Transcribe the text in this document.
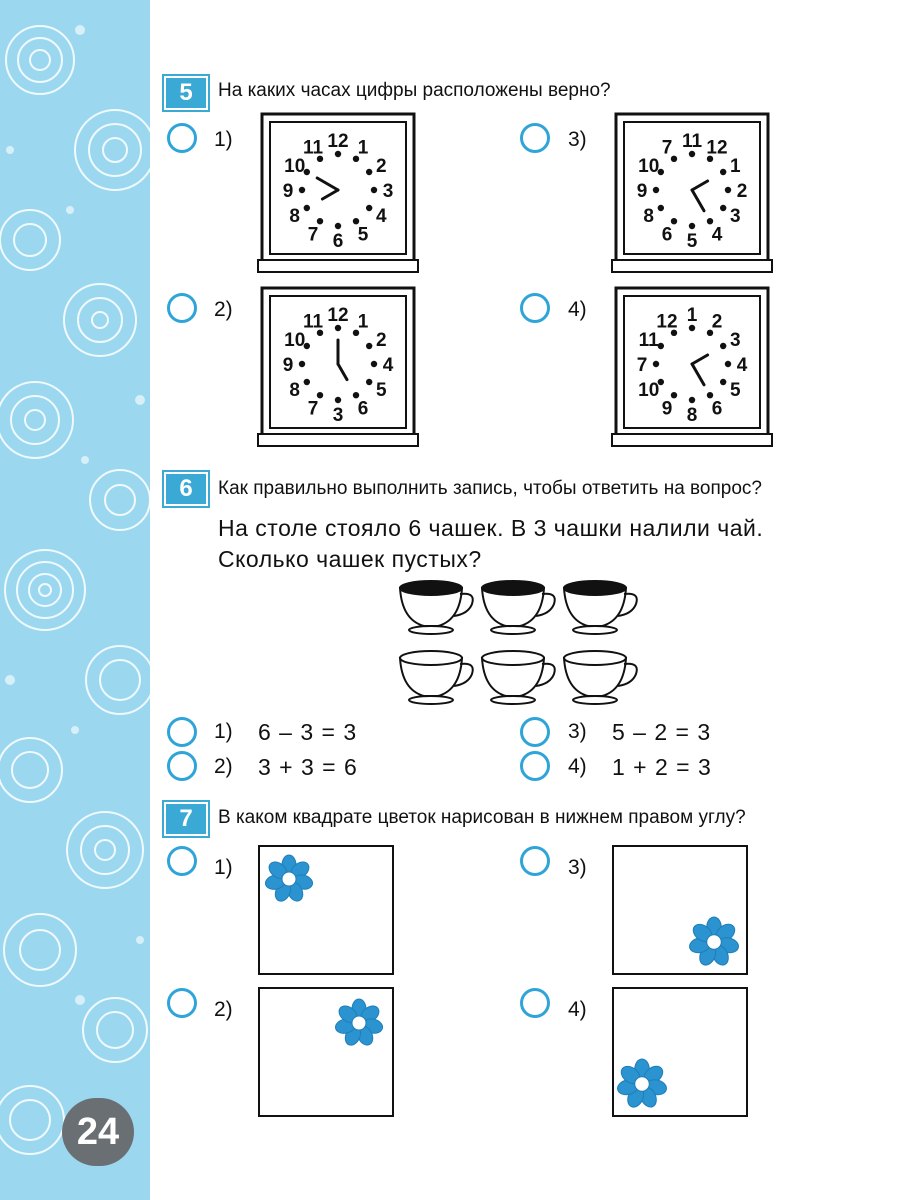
24
5	На каких часах цифры расположены верно?
1)
2)
3)
4)
12 1
2
3
4
5
6
7
8
9
10
11
12 1
2
4
5
6
3
7
8
9
10
11
11 12
1
2
3
4
5
6
8
9
10
7
1 2
3
4
5
6
8
9
10
7
11
12
6	Как правильно выполнить запись, чтобы ответить на вопрос?
На столе стояло 6 чашек. В 3 чашки налили чай.
Сколько чашек пустых?
1) 6 – 3 = 3
2) 3 + 3 = 6
3) 5 – 2 = 3
4) 1 + 2 = 3
7	В каком квадрате цветок нарисован в нижнем правом углу?
1)
2)
3)
4)
